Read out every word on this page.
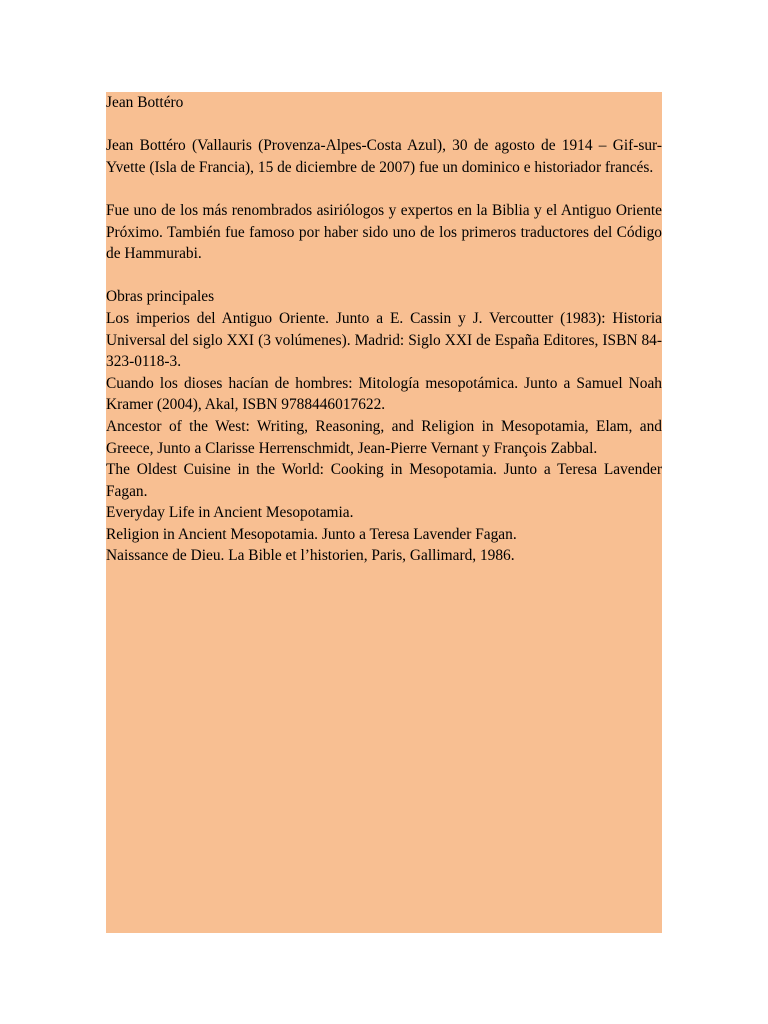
Jean Bottéro

Jean Bottéro (Vallauris (Provenza-Alpes-Costa Azul), 30 de agosto de 1914 – Gif-sur-Yvette (Isla de Francia), 15 de diciembre de 2007) fue un dominico e historiador francés.

Fue uno de los más renombrados asiriólogos y expertos en la Biblia y el Antiguo Oriente Próximo. También fue famoso por haber sido uno de los primeros traductores del Código de Hammurabi.

Obras principales

Los imperios del Antiguo Oriente. Junto a E. Cassin y J. Vercoutter (1983): Historia Universal del siglo XXI (3 volúmenes). Madrid: Siglo XXI de España Editores, ISBN 84-323-0118-3.

Cuando los dioses hacían de hombres: Mitología mesopotámica. Junto a Samuel Noah Kramer (2004), Akal, ISBN 9788446017622.

Ancestor of the West: Writing, Reasoning, and Religion in Mesopotamia, Elam, and Greece, Junto a Clarisse Herrenschmidt, Jean-Pierre Vernant y François Zabbal.

The Oldest Cuisine in the World: Cooking in Mesopotamia. Junto a Teresa Lavender Fagan.

Everyday Life in Ancient Mesopotamia.

Religion in Ancient Mesopotamia. Junto a Teresa Lavender Fagan.

Naissance de Dieu. La Bible et l’historien, Paris, Gallimard, 1986.
